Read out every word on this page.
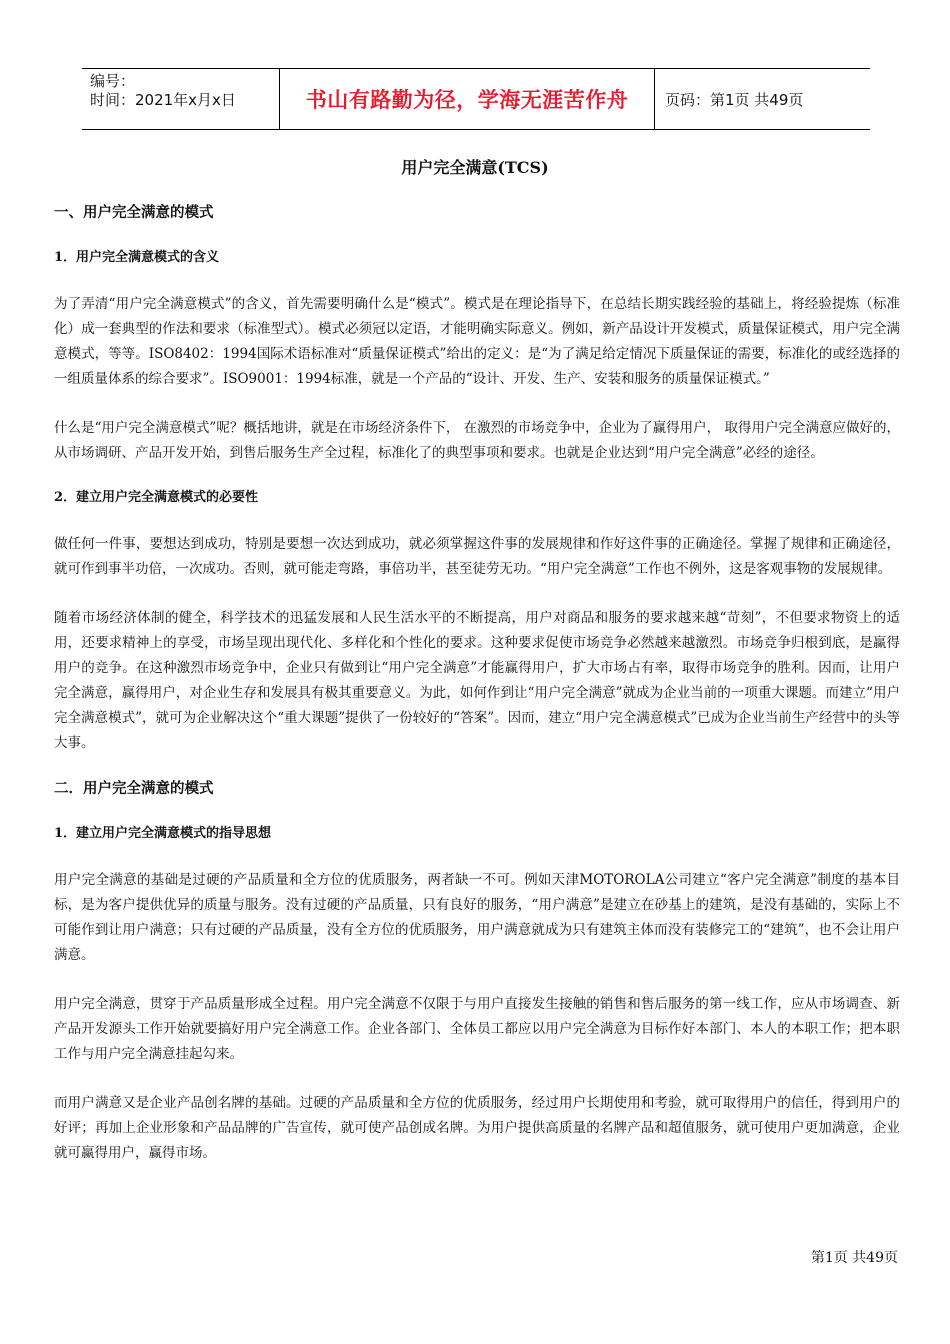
编号：
时间：2021年x月x日	书山有路勤为径，学海无涯苦作舟	页码：第1页 共49页
用户完全满意(TCS)
一、用户完全满意的模式
1．用户完全满意模式的含义

为了弄清“用户完全满意模式”的含义，首先需要明确什么是“模式”。模式是在理论指导下，在总结长期实践经验的基础上，将经验提炼（标准化）成一套典型的作法和要求（标准型式）。模式必须冠以定语，才能明确实际意义。例如，新产品设计开发模式，质量保证模式，用户完全满意模式，等等。ISO8402：1994国际术语标准对“质量保证模式”给出的定义：是“为了满足给定情况下质量保证的需要，标准化的或经选择的一组质量体系的综合要求”。ISO9001：1994标准，就是一个产品的“设计、开发、生产、安装和服务的质量保证模式。”

什么是“用户完全满意模式”呢？概括地讲，就是在市场经济条件下， 在激烈的市场竞争中，企业为了赢得用户， 取得用户完全满意应做好的，从市场调研、产品开发开始，到售后服务生产全过程，标准化了的典型事项和要求。也就是企业达到“用户完全满意”必经的途径。

2．建立用户完全满意模式的必要性

做任何一件事，要想达到成功，特别是要想一次达到成功，就必须掌握这件事的发展规律和作好这件事的正确途径。掌握了规律和正确途径，就可作到事半功倍，一次成功。否则，就可能走弯路，事倍功半，甚至徒劳无功。“用户完全满意”工作也不例外，这是客观事物的发展规律。

随着市场经济体制的健全，科学技术的迅猛发展和人民生活水平的不断提高，用户对商品和服务的要求越来越“苛刻”，不但要求物资上的适用，还要求精神上的享受，市场呈现出现代化、多样化和个性化的要求。这种要求促使市场竞争必然越来越激烈。市场竞争归根到底，是赢得用户的竞争。在这种激烈市场竞争中，企业只有做到让“用户完全满意”才能赢得用户，扩大市场占有率，取得市场竞争的胜利。因而，让用户完全满意，赢得用户，对企业生存和发展具有极其重要意义。为此，如何作到让“用户完全满意”就成为企业当前的一项重大课题。而建立“用户完全满意模式”，就可为企业解决这个“重大课题”提供了一份较好的“答案”。因而，建立“用户完全满意模式”已成为企业当前生产经营中的头等大事。

二．用户完全满意的模式
1．建立用户完全满意模式的指导思想

用户完全满意的基础是过硬的产品质量和全方位的优质服务，两者缺一不可。例如天津MOTOROLA公司建立“客户完全满意”制度的基本目标，是为客户提供优异的质量与服务。没有过硬的产品质量，只有良好的服务，“用户满意”是建立在砂基上的建筑，是没有基础的，实际上不可能作到让用户满意；只有过硬的产品质量，没有全方位的优质服务，用户满意就成为只有建筑主体而没有装修完工的“建筑”，也不会让用户满意。

用户完全满意，贯穿于产品质量形成全过程。用户完全满意不仅限于与用户直接发生接触的销售和售后服务的第一线工作，应从市场调查、新产品开发源头工作开始就要搞好用户完全满意工作。企业各部门、全体员工都应以用户完全满意为目标作好本部门、本人的本职工作；把本职工作与用户完全满意挂起勾来。

而用户满意又是企业产品创名牌的基础。过硬的产品质量和全方位的优质服务，经过用户长期使用和考验，就可取得用户的信任，得到用户的好评；再加上企业形象和产品品牌的广告宣传，就可使产品创成名牌。为用户提供高质量的名牌产品和超值服务，就可使用户更加满意，企业就可赢得用户，赢得市场。

第1页 共49页
